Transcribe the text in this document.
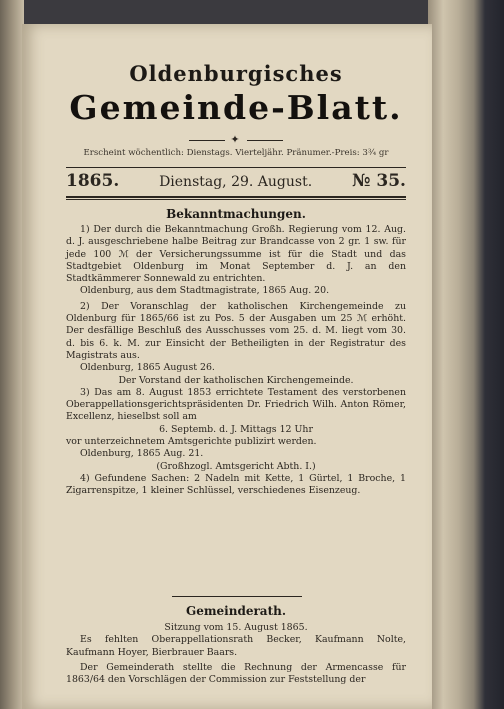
Oldenburgisches
Gemeinde-Blatt.
✦
Erscheint wöchentlich: Dienstags. Vierteljähr. Pränumer.-Preis: 3¾ gr
1865.	Dienstag, 29. August. № 35.
Bekanntmachungen.

1) Der durch die Bekanntmachung Großh. Regierung vom 12. Aug. d. J. ausgeschriebene halbe Beitrag zur Brandcasse von 2 gr. 1 sw. für jede 100 ℳ der Versicherungssumme ist für die Stadt und das Stadtgebiet Oldenburg im Monat September d. J. an den Stadtkämmerer Sonnewald zu entrichten.

Oldenburg, aus dem Stadtmagistrate, 1865 Aug. 20.

2) Der Voranschlag der katholischen Kirchengemeinde zu Oldenburg für 1865/66 ist zu Pos. 5 der Ausgaben um 25 ℳ erhöht. Der desfällige Beschluß des Ausschusses vom 25. d. M. liegt vom 30. d. bis 6. k. M. zur Einsicht der Betheiligten in der Registratur des Magistrats aus.

Oldenburg, 1865 August 26.

Der Vorstand der katholischen Kirchengemeinde.

3) Das am 8. August 1853 errichtete Testament des verstorbenen Oberappellationsgerichtspräsidenten Dr. Friedrich Wilh. Anton Römer, Excellenz, hieselbst soll am

6. Septemb. d. J. Mittags 12 Uhr

vor unterzeichnetem Amtsgerichte publizirt werden.

Oldenburg, 1865 Aug. 21.

(Großhzogl. Amtsgericht Abth. I.)

4) Gefundene Sachen: 2 Nadeln mit Kette, 1 Gürtel, 1 Broche, 1 Zigarrenspitze, 1 kleiner Schlüssel, verschiedenes Eisenzeug.

Gemeinderath.

Sitzung vom 15. August 1865.

Es fehlten Oberappellationsrath Becker, Kaufmann Nolte, Kaufmann Hoyer, Bierbrauer Baars.

Der Gemeinderath stellte die Rechnung der Armencasse für 1863/64 den Vorschlägen der Commission zur Feststellung der
